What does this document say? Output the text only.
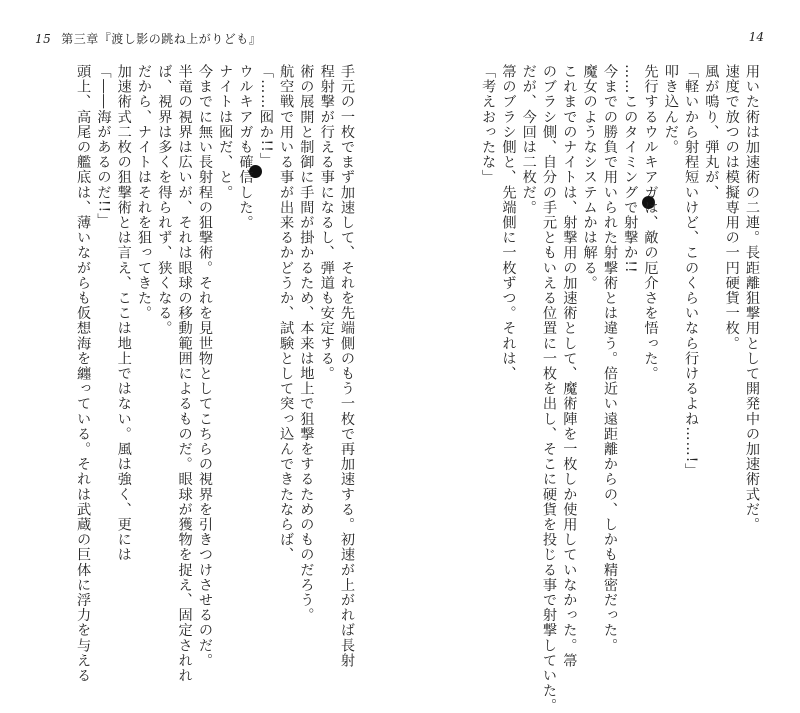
15 第三章『渡し影の跳ね上がりども』
手元の一枚でまず加速して、それを先端側のもう一枚で再加速する。初速が上がれば長射
程射撃が行える事になるし、弾道も安定する。
術の展開と制御に手間が掛かるため、本来は地上で狙撃をするためのものだろう。
航空戦で用いる事が出来るかどうか、試験として突っ込んできたならば、
「……囮か!!」
ウルキアガも確信した。
ナイトは囮だ、と。
今までに無い長射程の狙撃術。それを見世物としてこちらの視界を引きつけさせるのだ。
半竜の視界は広いが、それは眼球の移動範囲によるものだ。眼球が獲物を捉え、固定されれ
ば、視界は多くを得られず、狭くなる。
だから、ナイトはそれを狙ってきた。
加速術式二枚の狙撃術とは言え、ここは地上ではない。風は強く、更には
「――海があるのだ!!」
頭上、高尾の艦底は、薄いながらも仮想海を纏っている。それは武蔵の巨体に浮力を与える
14
用いた術は加速術の二連。長距離狙撃用として開発中の加速術式だ。
速度で放つのは模擬専用の一円硬貨一枚。
風が鳴り、弾丸が、
「軽いから射程短いけど、このくらいなら行けるよね……!」
叩き込んだ。
先行するウルキアガは、敵の厄介さを悟った。
……このタイミングで射撃か!!
今までの勝負で用いられた射撃術とは違う。倍近い遠距離からの、しかも精密だった。
魔女のようなシステムかは解る。
これまでのナイトは、射撃用の加速術として、魔術陣を一枚しか使用していなかった。箒
のブラシ側、自分の手元ともいえる位置に一枚を出し、そこに硬貨を投じる事で射撃していた。
だが、今回は二枚だ。
箒のブラシ側と、先端側に一枚ずつ。それは、
「考えおったな」
